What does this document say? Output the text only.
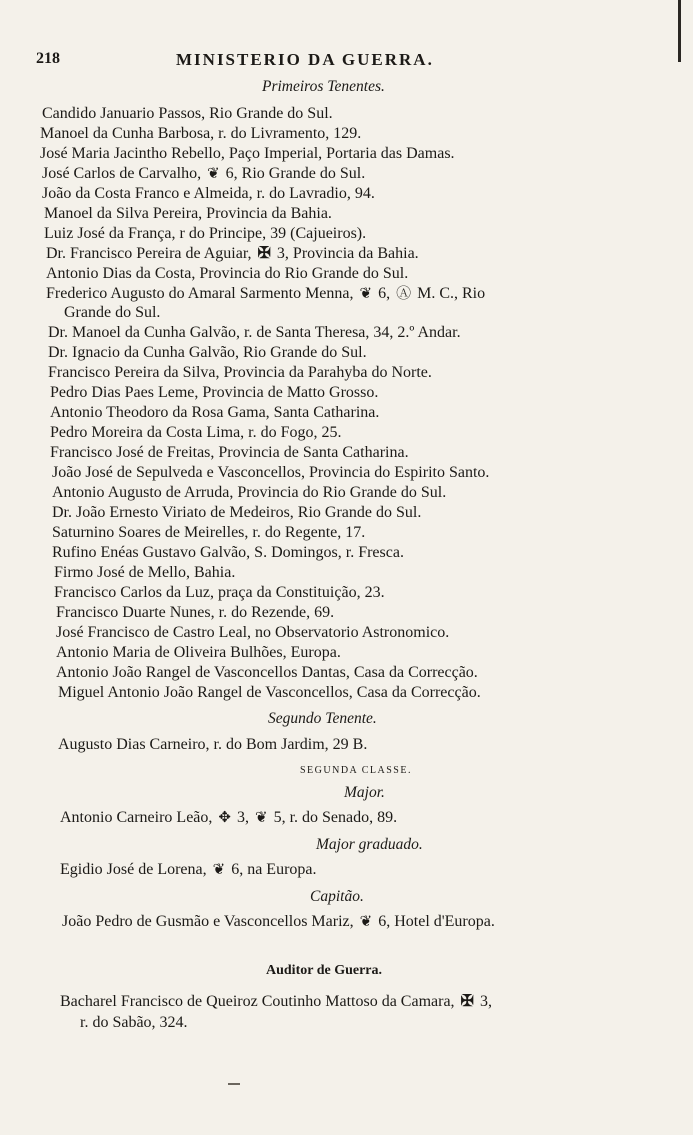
218	MINISTERIO DA GUERRA.
Primeiros Tenentes.
Candido Januario Passos, Rio Grande do Sul.
Manoel da Cunha Barbosa, r. do Livramento, 129.
José Maria Jacintho Rebello, Paço Imperial, Portaria das Damas.
José Carlos de Carvalho, ❦ 6, Rio Grande do Sul.
João da Costa Franco e Almeida, r. do Lavradio, 94.
Manoel da Silva Pereira, Provincia da Bahia.
Luiz José da França, r do Principe, 39 (Cajueiros).
Dr. Francisco Pereira de Aguiar, ✠ 3, Provincia da Bahia.
Antonio Dias da Costa, Provincia do Rio Grande do Sul.
Frederico Augusto do Amaral Sarmento Menna, ❦ 6, Ⓐ M. C., Rio
Grande do Sul.
Dr. Manoel da Cunha Galvão, r. de Santa Theresa, 34, 2.º Andar.
Dr. Ignacio da Cunha Galvão, Rio Grande do Sul.
Francisco Pereira da Silva, Provincia da Parahyba do Norte.
Pedro Dias Paes Leme, Provincia de Matto Grosso.
Antonio Theodoro da Rosa Gama, Santa Catharina.
Pedro Moreira da Costa Lima, r. do Fogo, 25.
Francisco José de Freitas, Provincia de Santa Catharina.
João José de Sepulveda e Vasconcellos, Provincia do Espirito Santo.
Antonio Augusto de Arruda, Provincia do Rio Grande do Sul.
Dr. João Ernesto Viriato de Medeiros, Rio Grande do Sul.
Saturnino Soares de Meirelles, r. do Regente, 17.
Rufino Enéas Gustavo Galvão, S. Domingos, r. Fresca.
Firmo José de Mello, Bahia.
Francisco Carlos da Luz, praça da Constituição, 23.
Francisco Duarte Nunes, r. do Rezende, 69.
José Francisco de Castro Leal, no Observatorio Astronomico.
Antonio Maria de Oliveira Bulhões, Europa.
Antonio João Rangel de Vasconcellos Dantas, Casa da Correcção.
Miguel Antonio João Rangel de Vasconcellos, Casa da Correcção.
Segundo Tenente.
Augusto Dias Carneiro, r. do Bom Jardim, 29 B.
SEGUNDA CLASSE.
Major.
Antonio Carneiro Leão, ✥ 3, ❦ 5, r. do Senado, 89.
Major graduado.
Egidio José de Lorena, ❦ 6, na Europa.
Capitão.
João Pedro de Gusmão e Vasconcellos Mariz, ❦ 6, Hotel d'Europa.
Auditor de Guerra.
Bacharel Francisco de Queiroz Coutinho Mattoso da Camara, ✠ 3,
r. do Sabão, 324.
